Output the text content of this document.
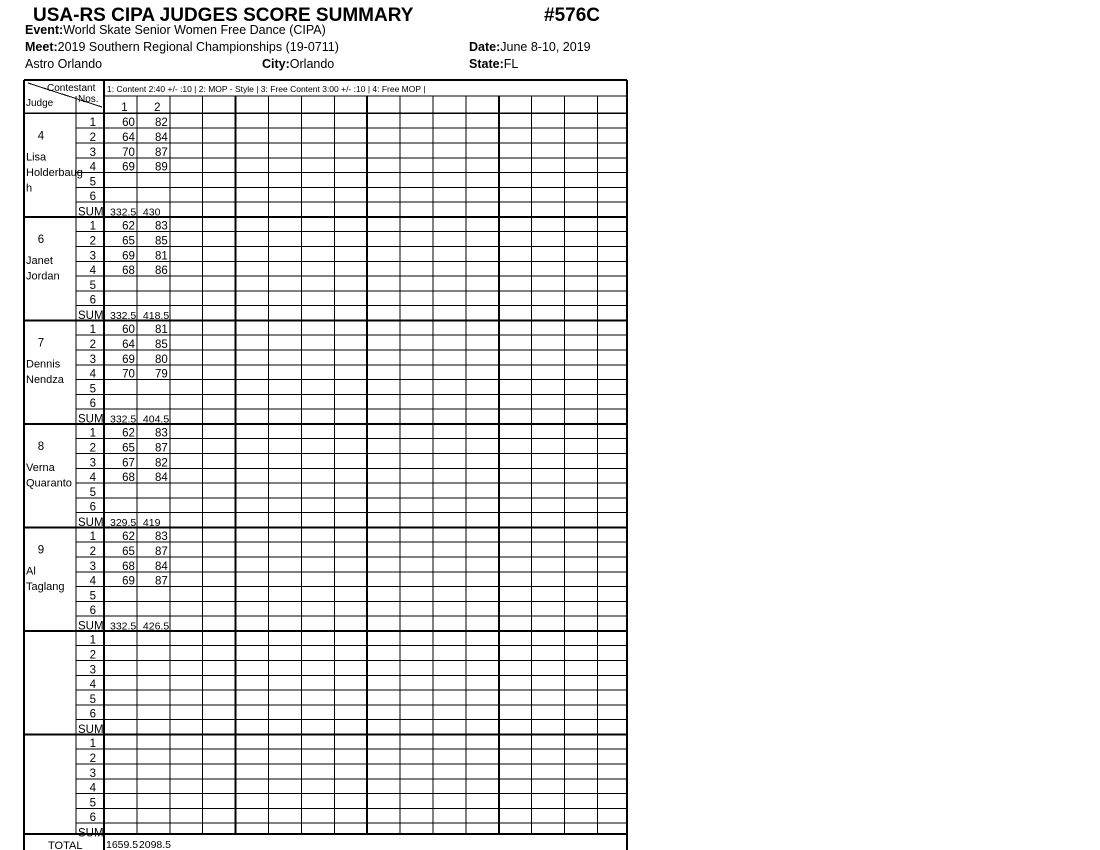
USA-RS CIPA JUDGES SCORE SUMMARY	#576C
Event:World Skate Senior Women Free Dance (CIPA)
Meet:2019 Southern Regional Championships (19-0711)	Date:June 8-10, 2019
Astro Orlando	City:Orlando	State:FL
Contestant
Nos.
Judge
1: Content 2:40 +/- :10 | 2: MOP - Style | 3: Free Content 3:00 +/- :10 | 4: Free MOP |
1 2
4
Lisa
Holderbaug
h
1 60 82
2 64 84
3 70 87
4 69 89
5
6
SUM 332.5 430
6
Janet
Jordan
1 62 83
2 65 85
3 69 81
4 68 86
5
6
SUM 332.5 418.5
7
Dennis
Nendza
1 60 81
2 64 85
3 69 80
4 70 79
5
6
SUM 332.5 404.5
8
Verna
Quaranto
1 62 83
2 65 87
3 67 82
4 68 84
5
6
SUM 329.5 419
9
Al
Taglang
1 62 83
2 65 87
3 68 84
4 69 87
5
6
SUM 332.5 426.5
1
2
3
4
5
6
SUM
1
2
3
4
5
6
SUM
TOTAL 1659.5 2098.5
